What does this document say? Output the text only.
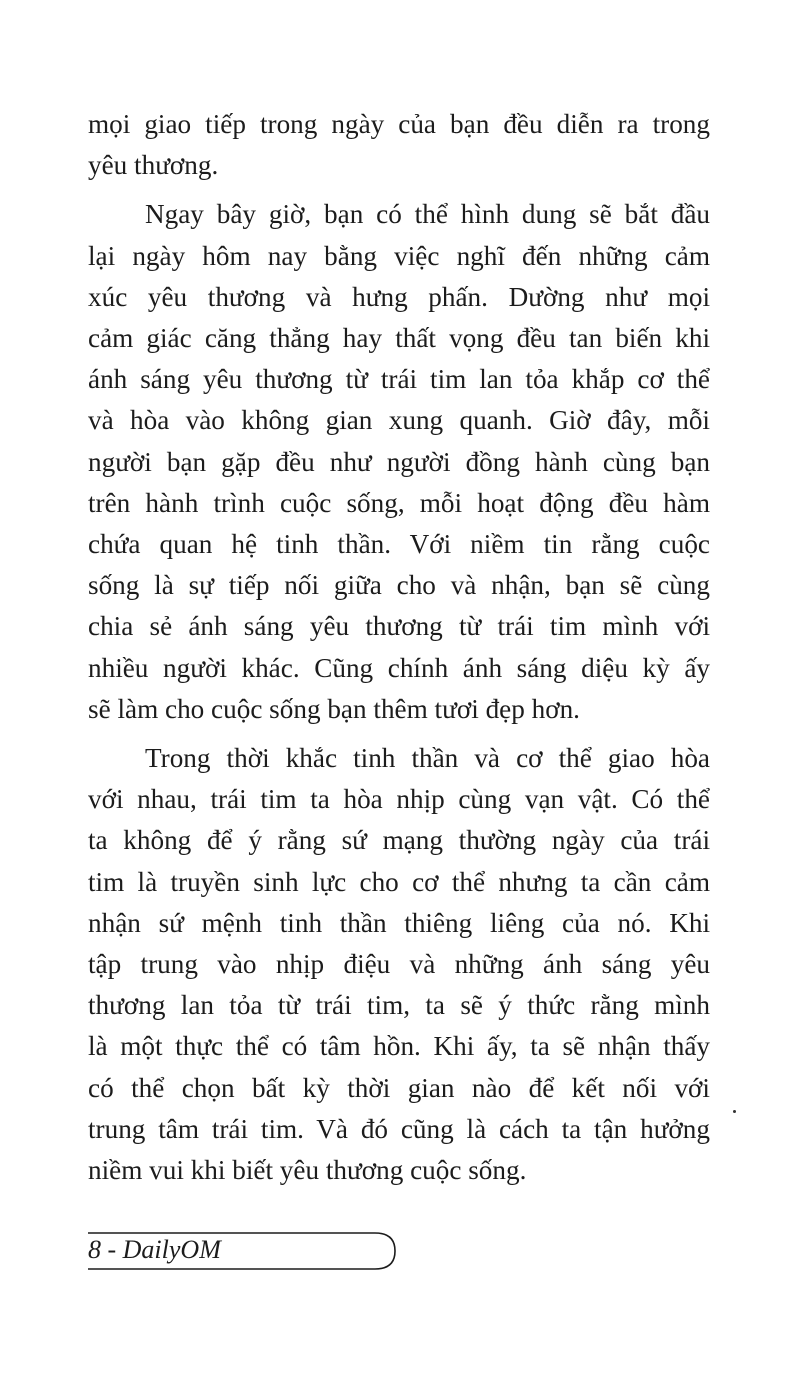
mọi giao tiếp trong ngày của bạn đều diễn ra trong
yêu thương.
Ngay bây giờ, bạn có thể hình dung sẽ bắt đầu
lại ngày hôm nay bằng việc nghĩ đến những cảm
xúc yêu thương và hưng phấn. Dường như mọi
cảm giác căng thẳng hay thất vọng đều tan biến khi
ánh sáng yêu thương từ trái tim lan tỏa khắp cơ thể
và hòa vào không gian xung quanh. Giờ đây, mỗi
người bạn gặp đều như người đồng hành cùng bạn
trên hành trình cuộc sống, mỗi hoạt động đều hàm
chứa quan hệ tinh thần. Với niềm tin rằng cuộc
sống là sự tiếp nối giữa cho và nhận, bạn sẽ cùng
chia sẻ ánh sáng yêu thương từ trái tim mình với
nhiều người khác. Cũng chính ánh sáng diệu kỳ ấy
sẽ làm cho cuộc sống bạn thêm tươi đẹp hơn.
Trong thời khắc tinh thần và cơ thể giao hòa
với nhau, trái tim ta hòa nhịp cùng vạn vật. Có thể
ta không để ý rằng sứ mạng thường ngày của trái
tim là truyền sinh lực cho cơ thể nhưng ta cần cảm
nhận sứ mệnh tinh thần thiêng liêng của nó. Khi
tập trung vào nhịp điệu và những ánh sáng yêu
thương lan tỏa từ trái tim, ta sẽ ý thức rằng mình
là một thực thể có tâm hồn. Khi ấy, ta sẽ nhận thấy
có thể chọn bất kỳ thời gian nào để kết nối với
trung tâm trái tim. Và đó cũng là cách ta tận hưởng
niềm vui khi biết yêu thương cuộc sống.
8 - DailyOM
